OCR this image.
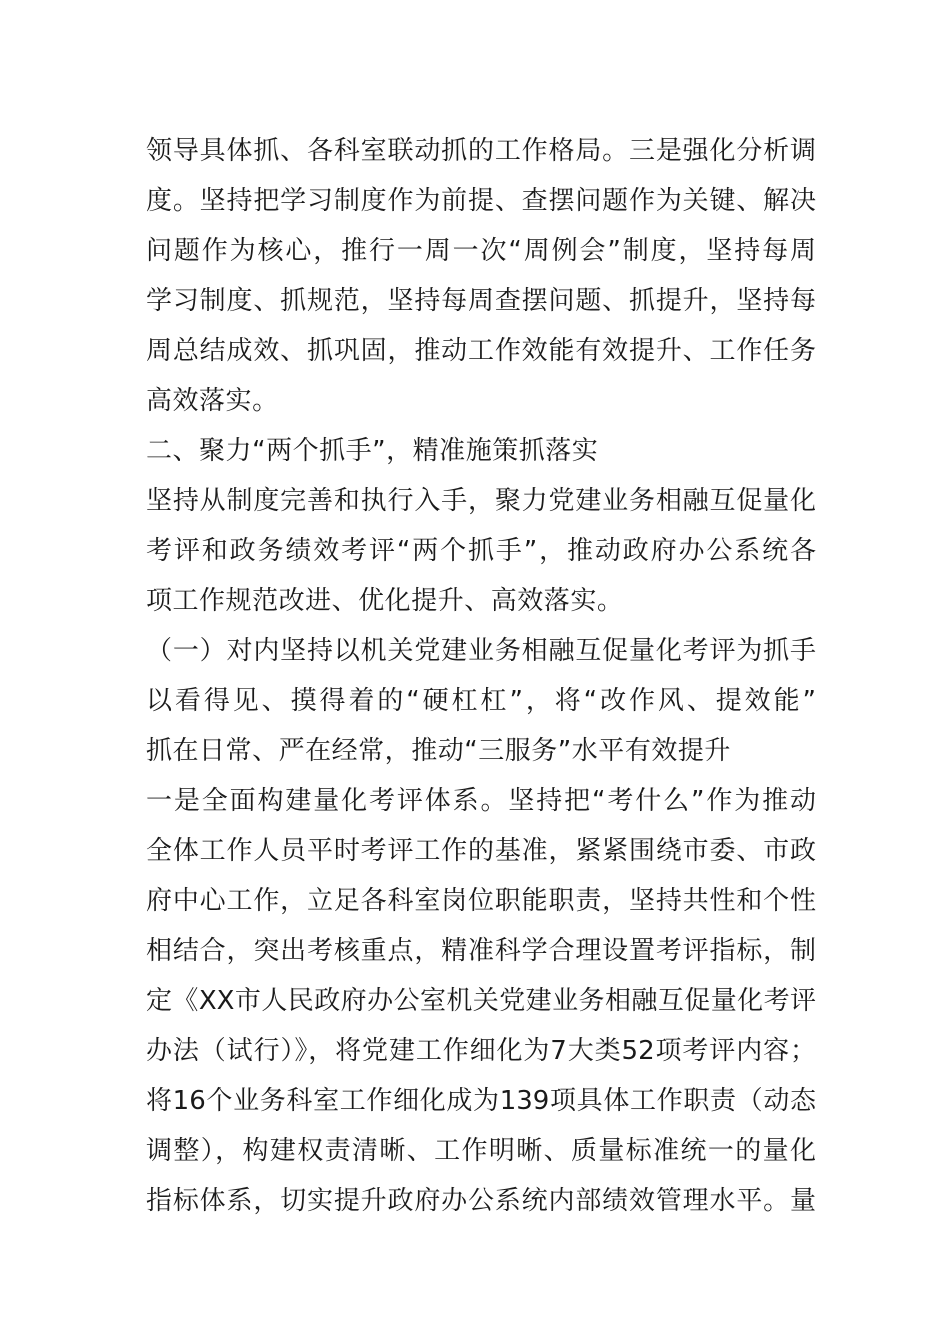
领导具体抓、各科室联动抓的工作格局。三是强化分析调
度。坚持把学习制度作为前提、查摆问题作为关键、解决
问题作为核心，推行一周一次“周例会”制度，坚持每周
学习制度、抓规范，坚持每周查摆问题、抓提升，坚持每
周总结成效、抓巩固，推动工作效能有效提升、工作任务
高效落实。
二、聚力“两个抓手”，精准施策抓落实
坚持从制度完善和执行入手，聚力党建业务相融互促量化
考评和政务绩效考评“两个抓手”，推动政府办公系统各
项工作规范改进、优化提升、高效落实。
（一）对内坚持以机关党建业务相融互促量化考评为抓手
以看得见、摸得着的“硬杠杠”，将“改作风、提效能”
抓在日常、严在经常，推动“三服务”水平有效提升
一是全面构建量化考评体系。坚持把“考什么”作为推动
全体工作人员平时考评工作的基准，紧紧围绕市委、市政
府中心工作，立足各科室岗位职能职责，坚持共性和个性
相结合，突出考核重点，精准科学合理设置考评指标，制
定《XX市人民政府办公室机关党建业务相融互促量化考评
办法（试行）》，将党建工作细化为7大类52项考评内容；
将16个业务科室工作细化成为139项具体工作职责（动态
调整），构建权责清晰、工作明晰、质量标准统一的量化
指标体系，切实提升政府办公系统内部绩效管理水平。量
